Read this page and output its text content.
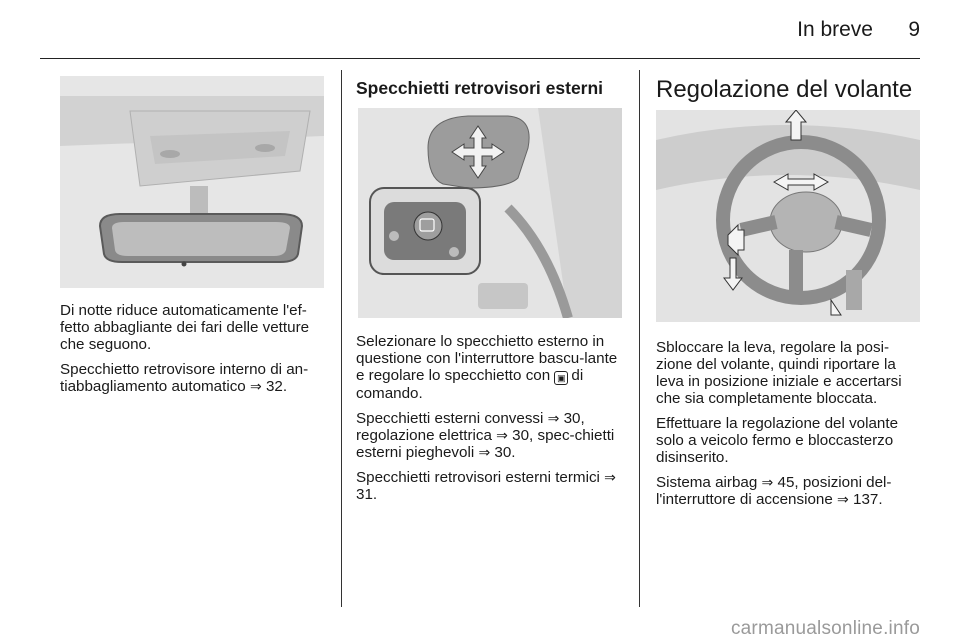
In breve 9

Di notte riduce automaticamente l'ef-fetto abbagliante dei fari delle vetture che seguono.

Specchietto retrovisore interno di an-tiabbagliamento automatico ⇒ 32.

Specchietti retrovisori esterni

Selezionare lo specchietto esterno in questione con l'interruttore bascu-lante e regolare lo specchietto con ▣ di comando.

Specchietti esterni convessi ⇒ 30, regolazione elettrica ⇒ 30, spec-chietti esterni pieghevoli ⇒ 30.

Specchietti retrovisori esterni termici ⇒ 31.

Regolazione del volante

Sbloccare la leva, regolare la posi-zione del volante, quindi riportare la leva in posizione iniziale e accertarsi che sia completamente bloccata.

Effettuare la regolazione del volante solo a veicolo fermo e bloccasterzo disinserito.

Sistema airbag ⇒ 45, posizioni del-l'interruttore di accensione ⇒ 137.

carmanualsonline.info
